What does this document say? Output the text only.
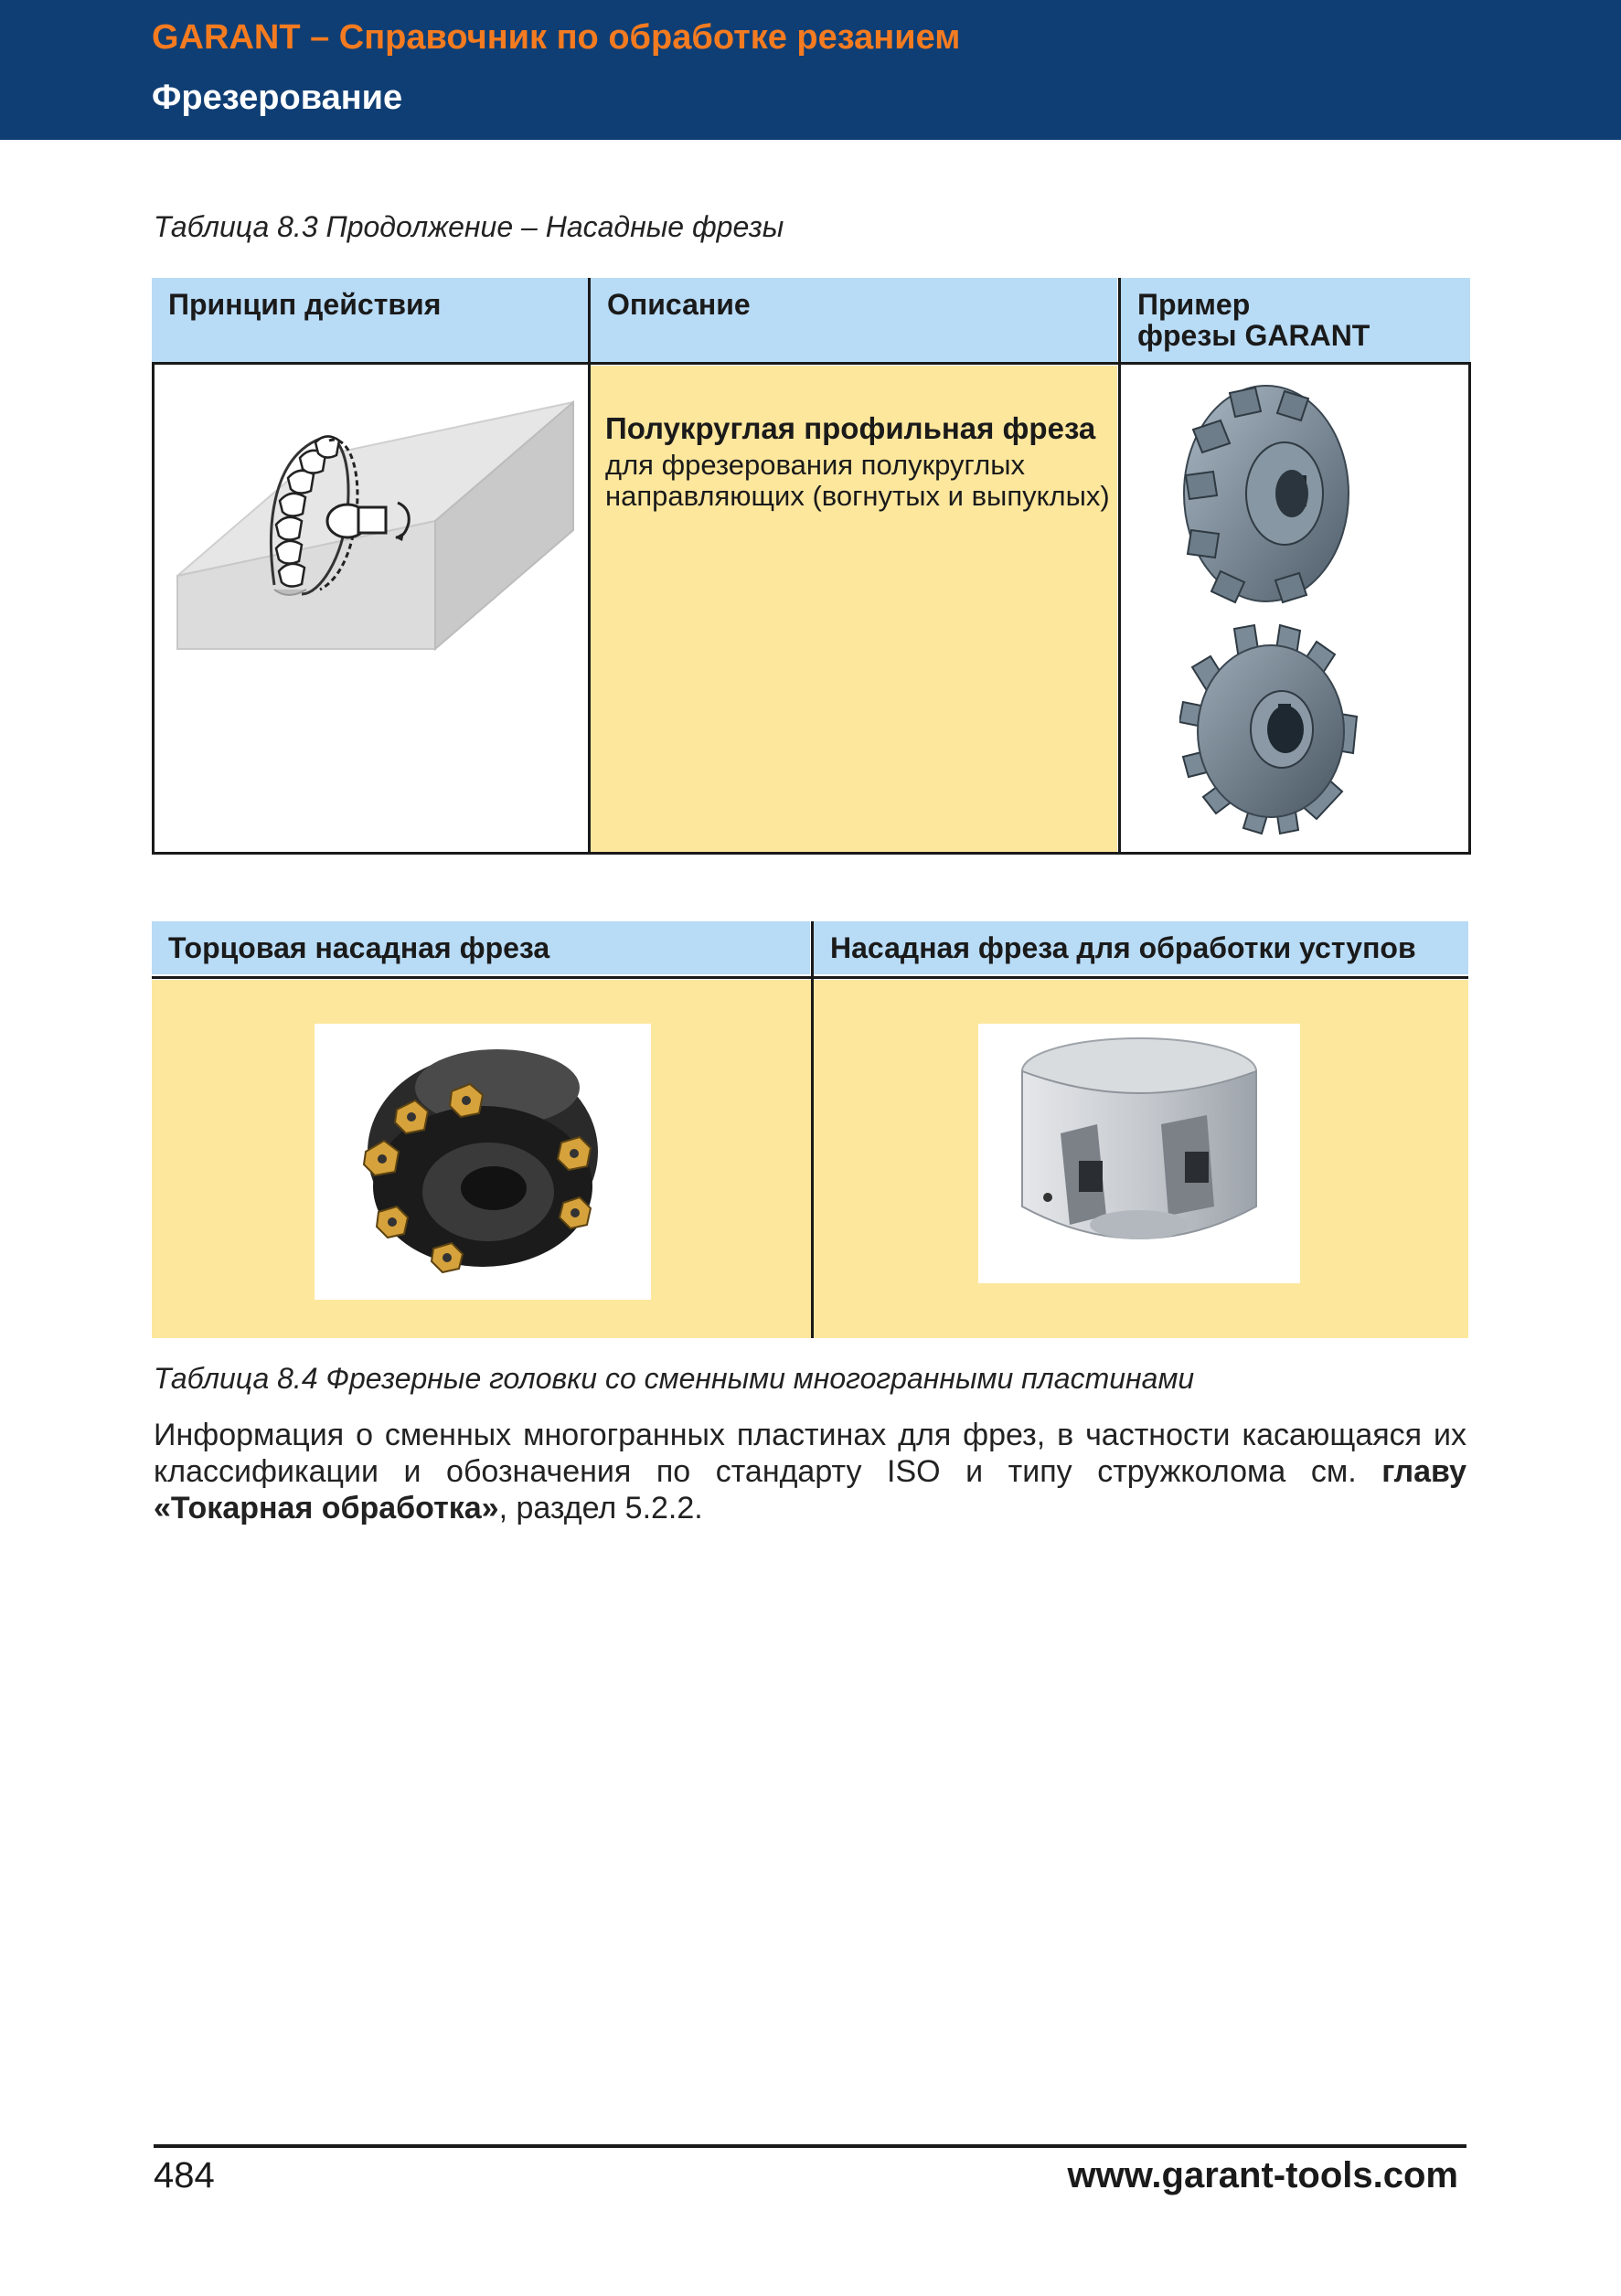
GARANT – Справочник по обработке резанием
Фрезерование
Таблица 8.3 Продолжение – Насадные фрезы
Принцип действия	Описание	Пример
фрезы GARANT
Полукруглая профильная фреза
для фрезерования полукруглых направляющих (вогнутых и выпуклых)
Торцовая насадная фреза	Насадная фреза для обработки уступов
Таблица 8.4 Фрезерные головки со сменными многогранными пластинами
Информация о сменных многогранных пластинах для фрез, в частности касающаяся их классификации и обозначения по стандарту ISO и типу стружколома см. главу «Токарная обработка», раздел 5.2.2.
484	www.garant-tools.com
